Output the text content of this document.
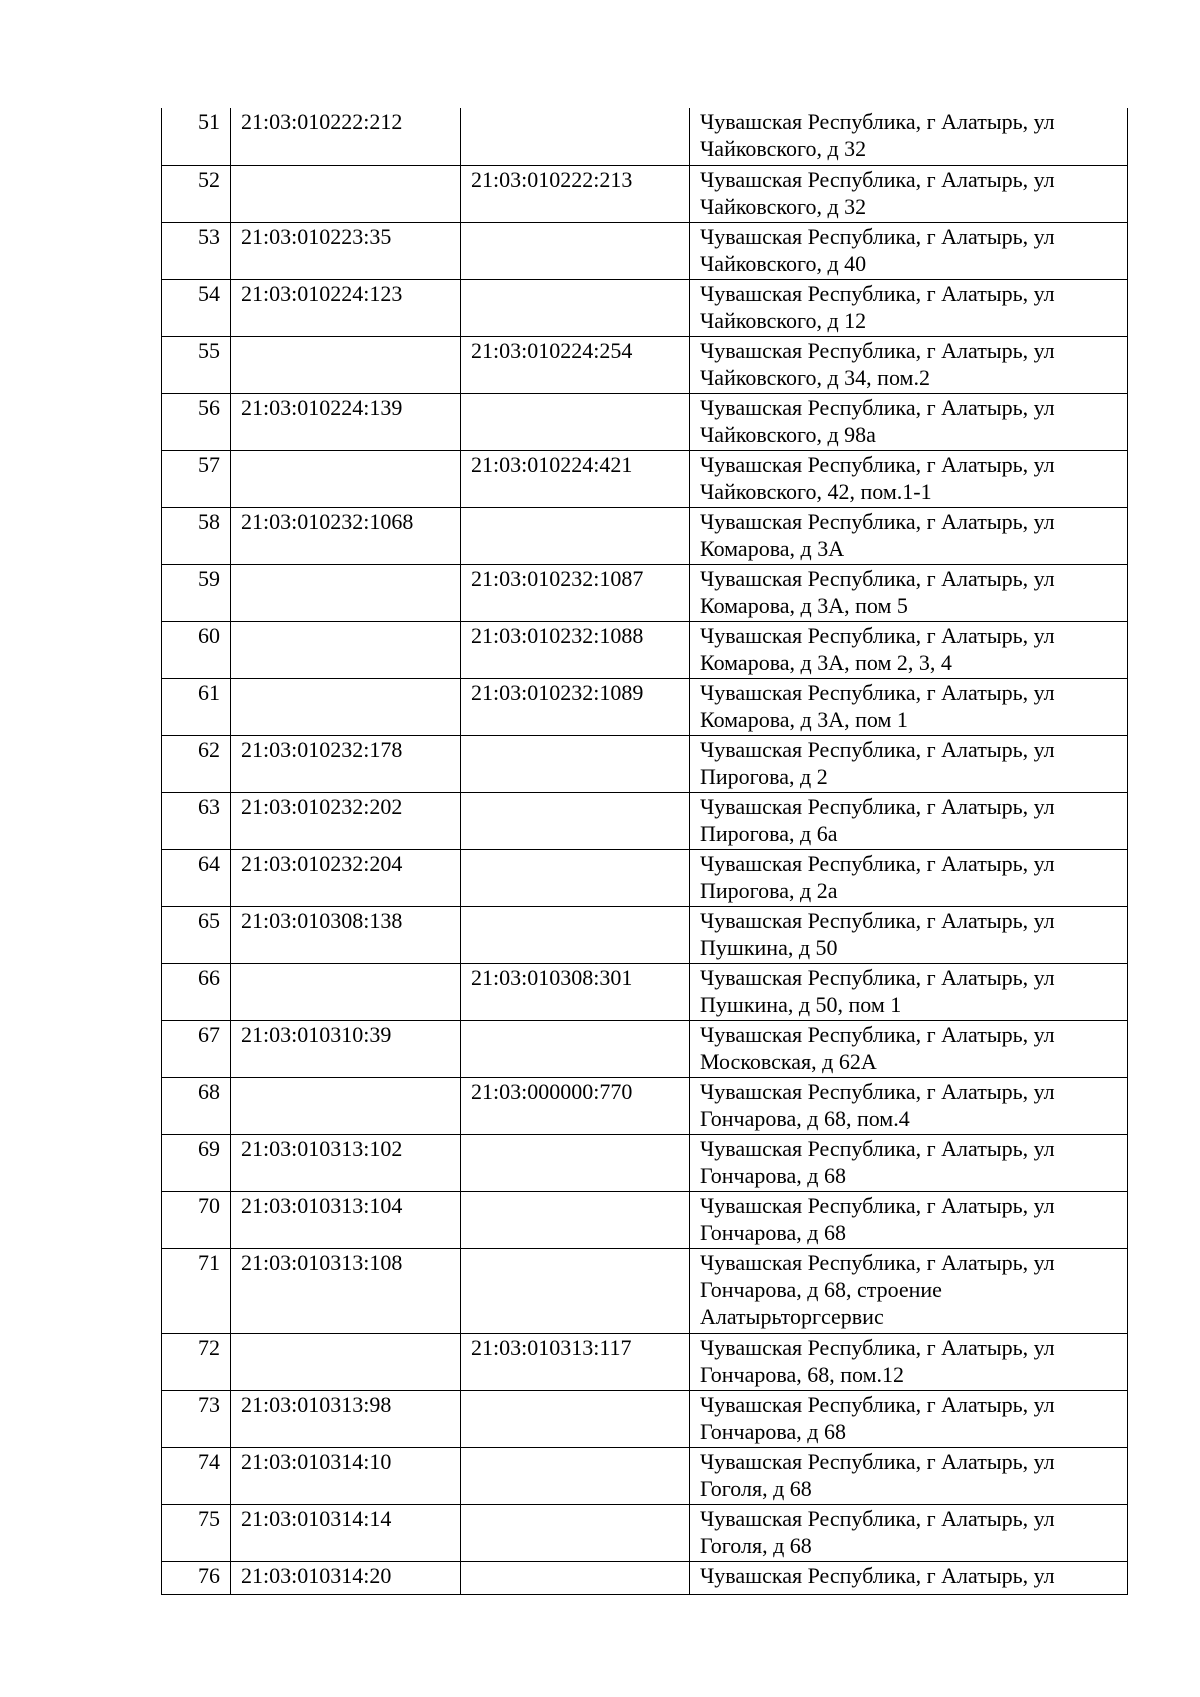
51	21:03:010222:212		Чувашская Республика, г Алатырь, ул
Чайковского, д 32

52		21:03:010222:213	Чувашская Республика, г Алатырь, ул
Чайковского, д 32

53	21:03:010223:35		Чувашская Республика, г Алатырь, ул
Чайковского, д 40

54	21:03:010224:123		Чувашская Республика, г Алатырь, ул
Чайковского, д 12

55		21:03:010224:254	Чувашская Республика, г Алатырь, ул
Чайковского, д 34, пом.2

56	21:03:010224:139		Чувашская Республика, г Алатырь, ул
Чайковского, д 98а

57		21:03:010224:421	Чувашская Республика, г Алатырь, ул
Чайковского, 42, пом.1-1

58	21:03:010232:1068		Чувашская Республика, г Алатырь, ул
Комарова, д 3А

59		21:03:010232:1087	Чувашская Республика, г Алатырь, ул
Комарова, д 3А, пом 5

60		21:03:010232:1088	Чувашская Республика, г Алатырь, ул
Комарова, д 3А, пом 2, 3, 4

61		21:03:010232:1089	Чувашская Республика, г Алатырь, ул
Комарова, д 3А, пом 1

62	21:03:010232:178		Чувашская Республика, г Алатырь, ул
Пирогова, д 2

63	21:03:010232:202		Чувашская Республика, г Алатырь, ул
Пирогова, д 6а

64	21:03:010232:204		Чувашская Республика, г Алатырь, ул
Пирогова, д 2а

65	21:03:010308:138		Чувашская Республика, г Алатырь, ул
Пушкина, д 50

66		21:03:010308:301	Чувашская Республика, г Алатырь, ул
Пушкина, д 50, пом 1

67	21:03:010310:39		Чувашская Республика, г Алатырь, ул
Московская, д 62А

68		21:03:000000:770	Чувашская Республика, г Алатырь, ул
Гончарова, д 68, пом.4

69	21:03:010313:102		Чувашская Республика, г Алатырь, ул
Гончарова, д 68

70	21:03:010313:104		Чувашская Республика, г Алатырь, ул
Гончарова, д 68

71	21:03:010313:108		Чувашская Республика, г Алатырь, ул
Гончарова, д 68, строение
Алатырьторгсервис

72		21:03:010313:117	Чувашская Республика, г Алатырь, ул
Гончарова, 68, пом.12

73	21:03:010313:98		Чувашская Республика, г Алатырь, ул
Гончарова, д 68

74	21:03:010314:10		Чувашская Республика, г Алатырь, ул
Гоголя, д 68

75	21:03:010314:14		Чувашская Республика, г Алатырь, ул
Гоголя, д 68

76	21:03:010314:20		Чувашская Республика, г Алатырь, ул
